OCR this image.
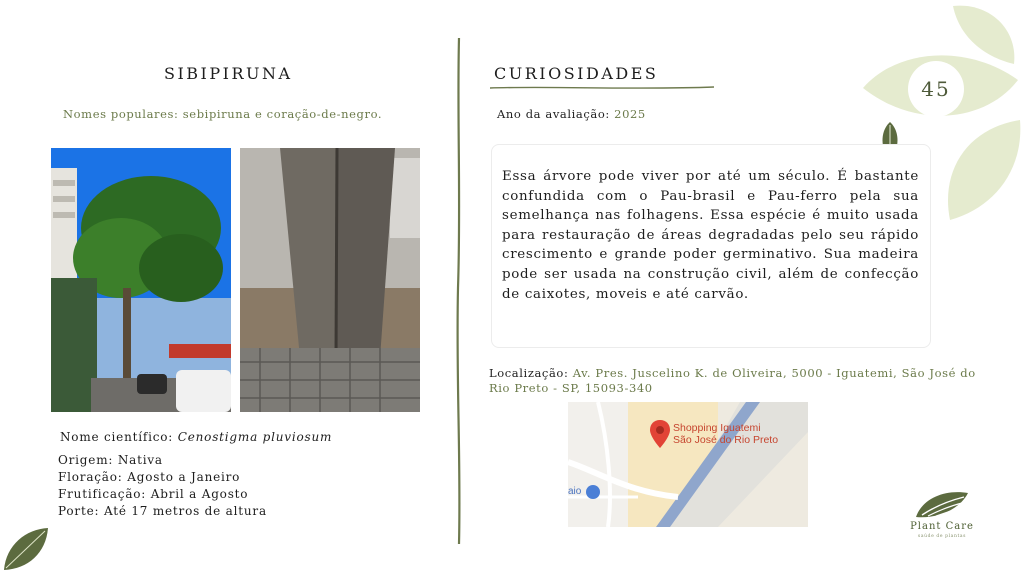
45
SIBIPIRUNA
Nomes populares: sebipiruna e coração-de-negro.
Nome científico: Cenostigma pluviosum
Origem: Nativa
Floração: Agosto a Janeiro
Frutificação: Abril a Agosto
Porte: Até 17 metros de altura
CURIOSIDADES
Ano da avaliação: 2025
Essa árvore pode viver por até um século. É bastante confundida com o Pau-brasil e Pau-ferro pela sua semelhança nas folhagens. Essa espécie é muito usada para restauração de áreas degradadas pelo seu rápido crescimento e grande poder germinativo. Sua madeira pode ser usada na construção civil, além de confecção de caixotes, moveis e até carvão.
Localização: Av. Pres. Juscelino K. de Oliveira, 5000 - Iguatemi, São José do Rio Preto - SP, 15093-340
Shopping Iguatemi
São José do Rio Preto
aio
Plant Care
saúde de plantas
